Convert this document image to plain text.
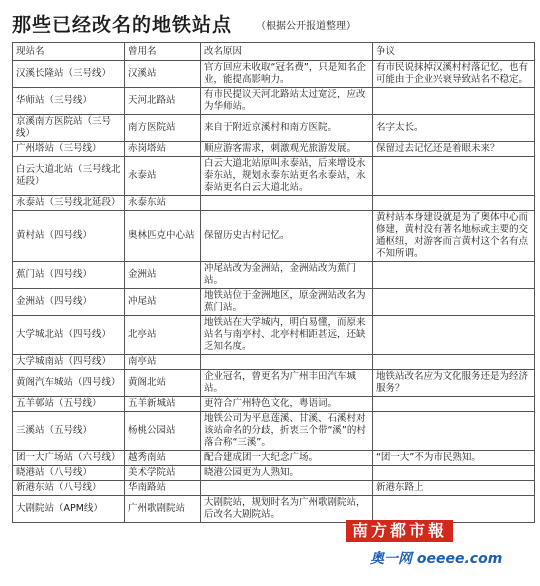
那些已经改名的地铁站点 （根据公开报道整理）
现站名	曾用名	改名原因	争议
汉溪长隆站（三号线）	汉溪站	官方回应未收取“冠名费”，只是知名企业，能提高影响力。	有市民说抹掉汉溪村村落记忆，也有可能由于企业兴衰导致站名不稳定。
华师站（三号线）	天河北路站	有市民提议天河北路站太过宽泛，应改为华师站。	
京溪南方医院站（三号线）	南方医院站	来自于附近京溪村和南方医院。	名字太长。
广州塔站（三号线）	赤岗塔站	顺应游客需求，刺激观光旅游发展。	保留过去记忆还是着眼未来？
白云大道北站（三号线北延段）	永泰站	白云大道北站原叫永泰站，后来增设永泰东站，规划永泰东站更名永泰站，永泰站更名白云大道北站。	
永泰站（三号线北延段）	永泰东站		
黄村站（四号线）	奥林匹克中心站	保留历史古村记忆。	黄村站本身建设就是为了奥体中心而修建，黄村没有著名地标或主要的交通枢纽，对游客而言黄村这个名有点不知所谓。
蕉门站（四号线）	金洲站	冲尾站改为金洲站，金洲站改为蕉门站。	
金洲站（四号线）	冲尾站	地铁站位于金洲地区，原金洲站改名为蕉门站。	
大学城北站（四号线）	北亭站	地铁站在大学城内，明白易懂，而原来站名与南亭村、北亭村相距甚远，还缺乏知名度。	
大学城南站（四号线）	南亭站		
黄阁汽车城站（四号线）	黄阁北站	企业冠名，曾更名为广州丰田汽车城站。	地铁站改名应为文化服务还是为经济服务？
五羊邨站（五号线）	五羊新城站	更符合广州特色文化，粤语词。	
三溪站（五号线）	杨桃公园站	地铁公司为平息莲溪、甘溪、石溪村对该站命名的分歧，折衷三个带“溪”的村落合称“三溪”。	
团一大广场站（六号线）	越秀南站	配合建成团一大纪念广场。	“团一大”不为市民熟知。
晓港站（八号线）	美术学院站	晓港公园更为人熟知。	
新港东站（八号线）	华南路站		新港东路上
大剧院站（APM线）	广州歌剧院站	大剧院站，规划时名为广州歌剧院站，后改名大剧院站。	
南方都市報
奥一网 oeeee.com
